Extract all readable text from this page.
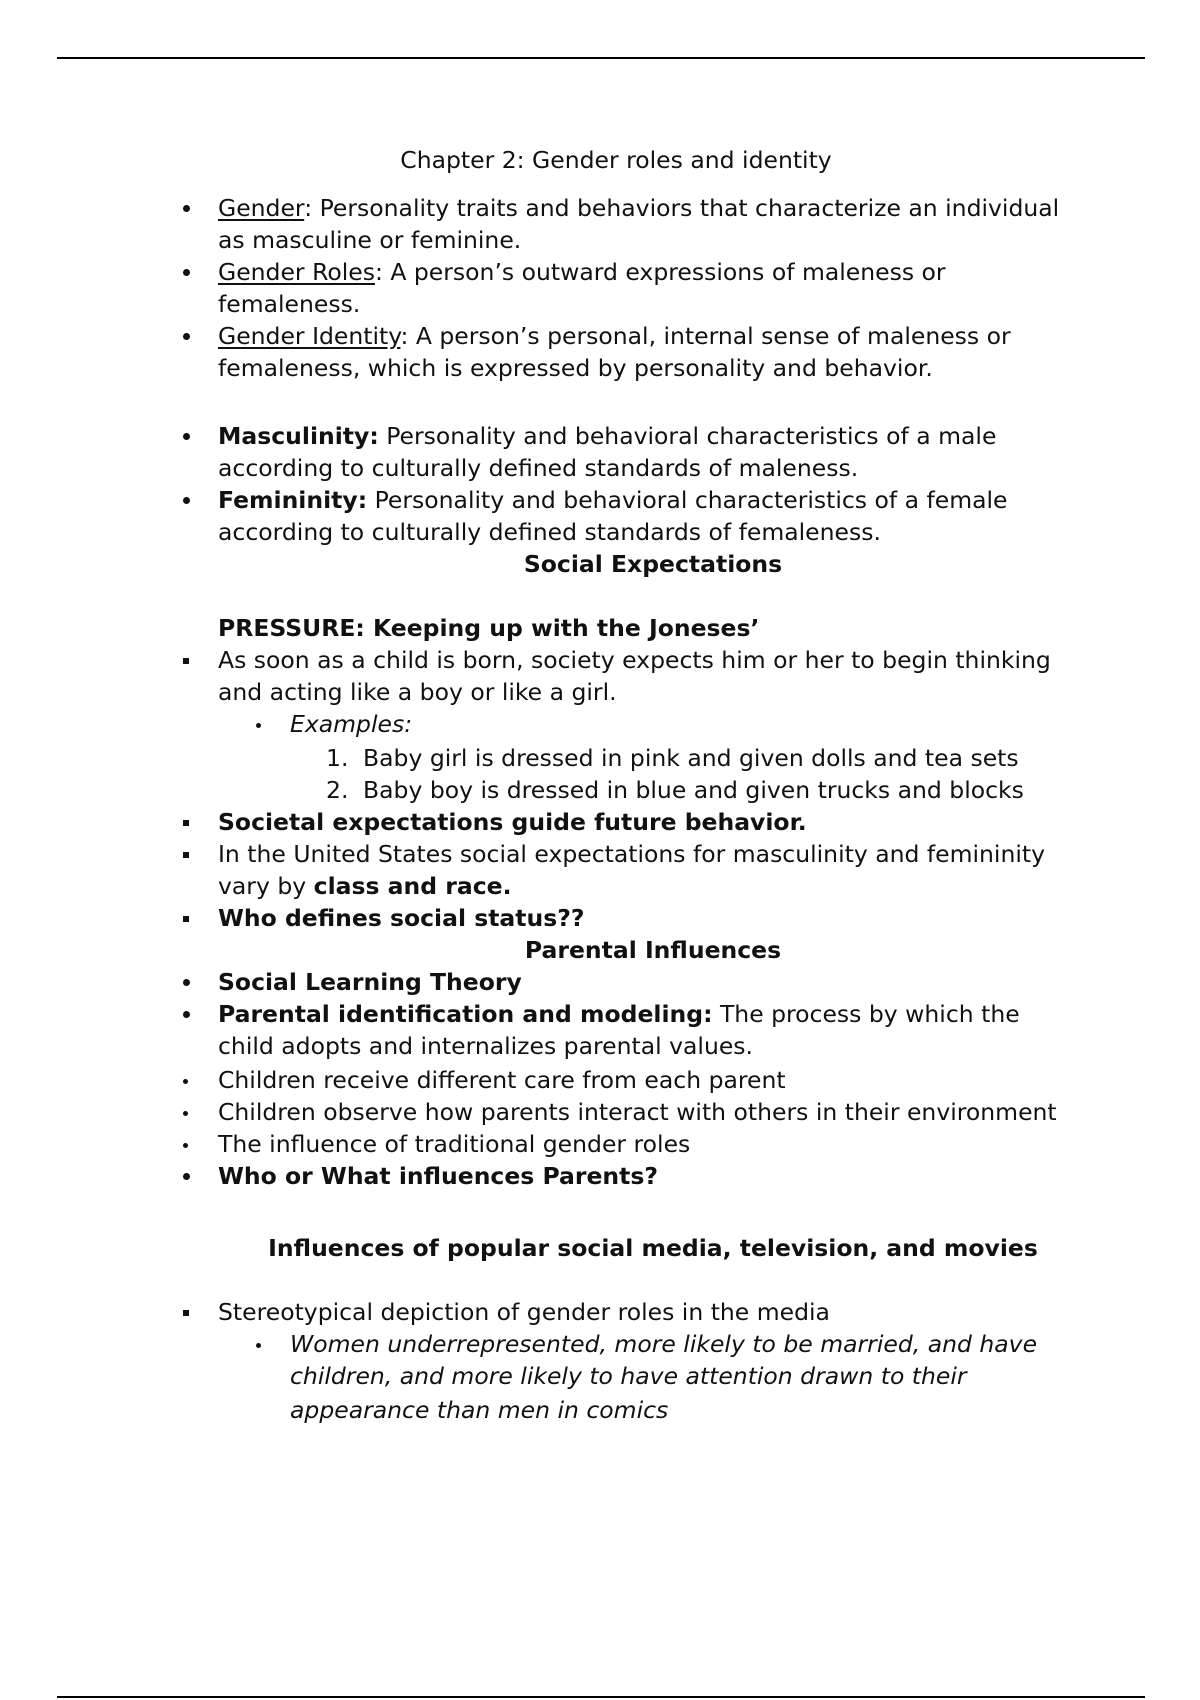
Chapter 2: Gender roles and identity
Gender: Personality traits and behaviors that characterize an individual
as masculine or feminine.
Gender Roles: A person’s outward expressions of maleness or
femaleness.
Gender Identity: A person’s personal, internal sense of maleness or
femaleness, which is expressed by personality and behavior.
Masculinity: Personality and behavioral characteristics of a male
according to culturally defined standards of maleness.
Femininity: Personality and behavioral characteristics of a female
according to culturally defined standards of femaleness.
Social Expectations
PRESSURE: Keeping up with the Joneses’
As soon as a child is born, society expects him or her to begin thinking
and acting like a boy or like a girl.
Examples:
1. Baby girl is dressed in pink and given dolls and tea sets
2. Baby boy is dressed in blue and given trucks and blocks
Societal expectations guide future behavior.
In the United States social expectations for masculinity and femininity
vary by class and race.
Who defines social status??
Parental Influences
Social Learning Theory
Parental identification and modeling: The process by which the
child adopts and internalizes parental values.
Children receive different care from each parent
Children observe how parents interact with others in their environment
The influence of traditional gender roles
Who or What influences Parents?
Influences of popular social media, television, and movies
Stereotypical depiction of gender roles in the media
Women underrepresented, more likely to be married, and have
children, and more likely to have attention drawn to their
appearance than men in comics
